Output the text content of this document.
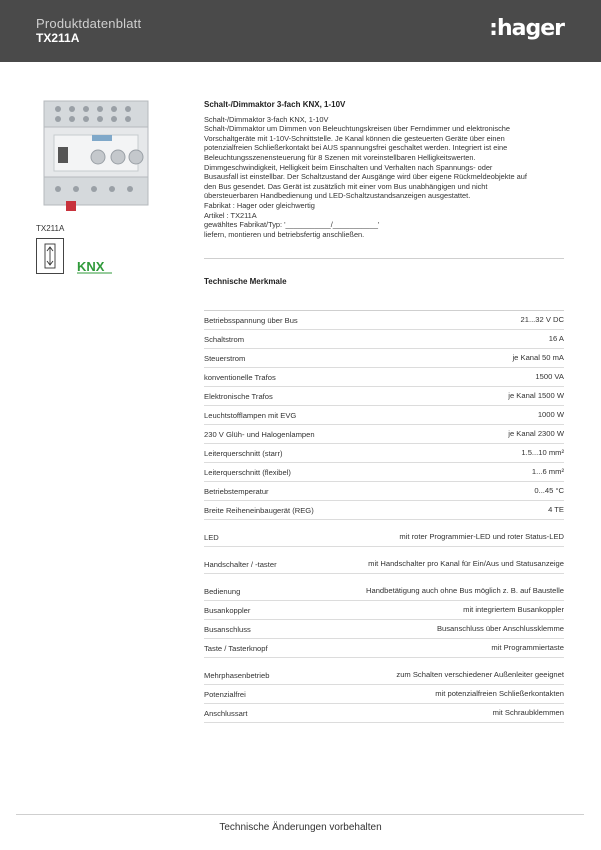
Produktdatenblatt
TX211A	:hager
TX211A
KNX
Schalt-/Dimmaktor 3-fach KNX, 1-10V
Schalt-/Dimmaktor 3-fach KNX, 1-10V
Schalt-/Dimmaktor um Dimmen von Beleuchtungskreisen über Ferndimmer und elektronische
Vorschaltgeräte mit 1-10V-Schnittstelle. Je Kanal können die gesteuerten Geräte über einen
potenzialfreien Schließerkontakt bei AUS spannungsfrei geschaltet werden. Integriert ist eine
Beleuchtungsszenensteuerung für 8 Szenen mit voreinstellbaren Helligkeitswerten.
Dimmgeschwindigkeit, Helligkeit beim Einschalten und Verhalten nach Spannungs- oder
Busausfall ist einstellbar. Der Schaltzustand der Ausgänge wird über eigene Rückmeldeobjekte auf
den Bus gesendet. Das Gerät ist zusätzlich mit einer vom Bus unabhängigen und nicht
übersteuerbaren Handbedienung und LED-Schaltzustandsanzeigen ausgestattet.
Fabrikat : Hager oder gleichwertig
Artikel : TX211A
gewähltes Fabrikat/Typ: '___________/___________'
liefern, montieren und betriebsfertig anschließen.
Technische Merkmale
Betriebsspannung über Bus	21...32 V DC
Schaltstrom	16 A
Steuerstrom	je Kanal 50 mA
konventionelle Trafos	1500 VA
Elektronische Trafos	je Kanal 1500 W
Leuchtstofflampen mit EVG	1000 W
230 V Glüh- und Halogenlampen	je Kanal 2300 W
Leiterquerschnitt (starr)	1.5...10 mm²
Leiterquerschnitt (flexibel)	1...6 mm²
Betriebstemperatur	0...45 °C
Breite Reiheneinbaugerät (REG)	4 TE
LED	mit roter Programmier-LED und roter Status-LED
Handschalter / -taster	mit Handschalter pro Kanal für Ein/Aus und Statusanzeige
Bedienung	Handbetätigung auch ohne Bus möglich z. B. auf Baustelle
Busankoppler	mit integriertem Busankoppler
Busanschluss	Busanschluss über Anschlussklemme
Taste / Tasterknopf	mit Programmiertaste
Mehrphasenbetrieb	zum Schalten verschiedener Außenleiter geeignet
Potenzialfrei	mit potenzialfreien Schließerkontakten
Anschlussart	mit Schraubklemmen
Technische Änderungen vorbehalten
